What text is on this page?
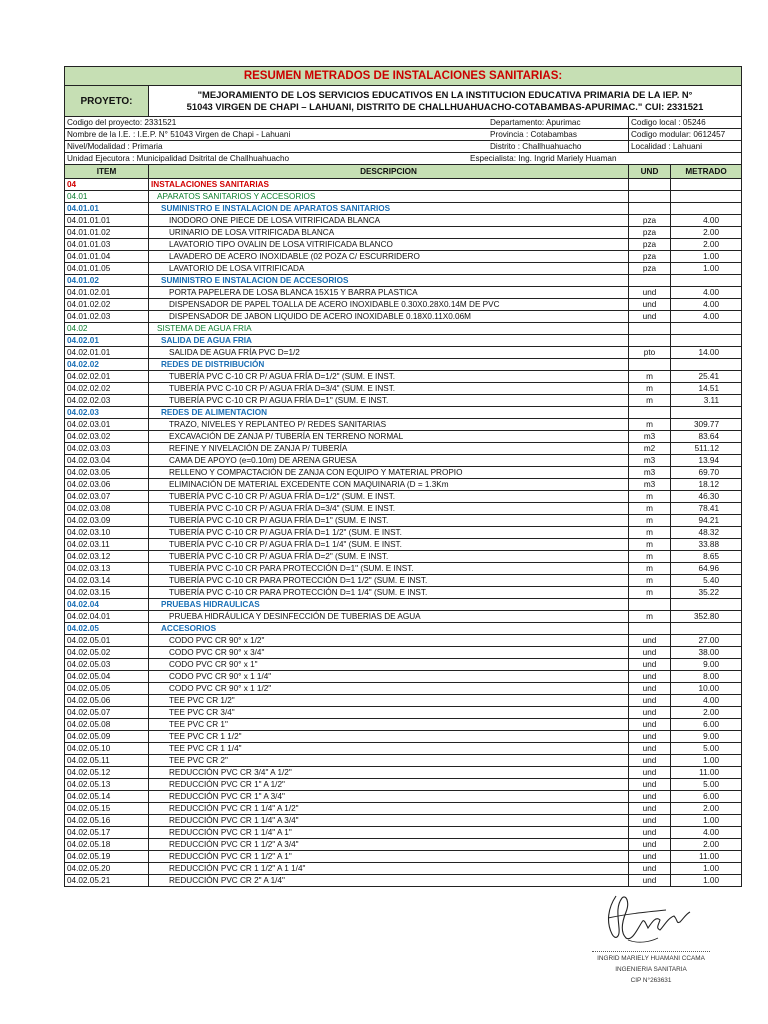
RESUMEN METRADOS DE INSTALACIONES SANITARIAS:			
PROYETO:	"MEJORAMIENTO DE LOS SERVICIOS EDUCATIVOS EN LA INSTITUCION EDUCATIVA PRIMARIA DE LA IEP. N°
51043 VIRGEN DE CHAPI – LAHUANI, DISTRITO DE CHALLHUAHUACHO-COTABAMBAS-APURIMAC." CUI: 2331521		

Codigo del proyecto: 2331521 Departamento: Apurimac		Codigo local : 05246	
Nombre de la I.E. : I.E.P. N° 51043 Virgen de Chapi - Lahuani Provincia : Cotabambas		Codigo modular: 0612457	
Nivel/Modalidad : Primaria Distrito : Challhuahuacho		Localidad : Lahuani	
Unidad Ejecutora : Municipalidad Dsitrital de Challhuahuacho Especialista: Ing. Ingrid Mariely Huaman			

ITEM	DESCRIPCION	UND	METRADO
04	INSTALACIONES SANITARIAS		
04.01	APARATOS SANITARIOS Y ACCESORIOS		
04.01.01	SUMINISTRO E INSTALACION DE APARATOS SANITARIOS		
04.01.01.01	INODORO ONE PIECE DE LOSA VITRIFICADA BLANCA	pza	4.00
04.01.01.02	URINARIO DE LOSA VITRIFICADA BLANCA	pza	2.00
04.01.01.03	LAVATORIO TIPO OVALIN DE LOSA VITRIFICADA BLANCO	pza	2.00
04.01.01.04	LAVADERO DE ACERO INOXIDABLE (02 POZA C/ ESCURRIDERO	pza	1.00
04.01.01.05	LAVATORIO DE LOSA VITRIFICADA	pza	1.00
04.01.02	SUMINISTRO E INSTALACION DE ACCESORIOS		
04.01.02.01	PORTA PAPELERA DE LOSA BLANCA 15X15 Y BARRA PLASTICA	und	4.00
04.01.02.02	DISPENSADOR DE PAPEL TOALLA DE ACERO INOXIDABLE 0.30X0.28X0.14M DE PVC	und	4.00
04.01.02.03	DISPENSADOR DE JABON LIQUIDO DE ACERO INOXIDABLE 0.18X0.11X0.06M	und	4.00
04.02	SISTEMA DE AGUA FRIA		
04.02.01	SALIDA DE AGUA FRIA		
04.02.01.01	SALIDA DE AGUA FRÍA PVC D=1/2	pto	14.00
04.02.02	REDES DE DISTRIBUCIÓN		
04.02.02.01	TUBERÍA PVC C-10 CR P/ AGUA FRÍA D=1/2" (SUM. E INST.	m	25.41
04.02.02.02	TUBERÍA PVC C-10 CR P/ AGUA FRÍA D=3/4" (SUM. E INST.	m	14.51
04.02.02.03	TUBERÍA PVC C-10 CR P/ AGUA FRÍA D=1" (SUM. E INST.	m	3.11
04.02.03	REDES DE ALIMENTACION		
04.02.03.01	TRAZO, NIVELES Y REPLANTEO P/ REDES SANITARIAS	m	309.77
04.02.03.02	EXCAVACIÓN DE ZANJA P/ TUBERÍA EN TERRENO NORMAL	m3	83.64
04.02.03.03	REFINE Y NIVELACIÓN DE ZANJA P/ TUBERÍA	m2	511.12
04.02.03.04	CAMA DE APOYO (e=0.10m) DE ARENA GRUESA	m3	13.94
04.02.03.05	RELLENO Y COMPACTACIÓN DE ZANJA CON EQUIPO Y MATERIAL PROPIO	m3	69.70
04.02.03.06	ELIMINACIÓN DE MATERIAL EXCEDENTE CON MAQUINARIA (D = 1.3Km	m3	18.12
04.02.03.07	TUBERÍA PVC C-10 CR P/ AGUA FRÍA D=1/2" (SUM. E INST.	m	46.30
04.02.03.08	TUBERÍA PVC C-10 CR P/ AGUA FRÍA D=3/4" (SUM. E INST.	m	78.41
04.02.03.09	TUBERÍA PVC C-10 CR P/ AGUA FRÍA D=1" (SUM. E INST.	m	94.21
04.02.03.10	TUBERÍA PVC C-10 CR P/ AGUA FRÍA D=1 1/2" (SUM. E INST.	m	48.32
04.02.03.11	TUBERÍA PVC C-10 CR P/ AGUA FRÍA D=1 1/4" (SUM. E INST.	m	33.88
04.02.03.12	TUBERÍA PVC C-10 CR P/ AGUA FRÍA D=2" (SUM. E INST.	m	8.65
04.02.03.13	TUBERÍA PVC C-10 CR PARA PROTECCIÓN D=1" (SUM. E INST.	m	64.96
04.02.03.14	TUBERÍA PVC C-10 CR PARA PROTECCIÓN D=1 1/2" (SUM. E INST.	m	5.40
04.02.03.15	TUBERÍA PVC C-10 CR PARA PROTECCIÓN D=1 1/4" (SUM. E INST.	m	35.22
04.02.04	PRUEBAS HIDRAULICAS		
04.02.04.01	PRUEBA HIDRÁULICA Y DESINFECCIÓN DE TUBERIAS DE AGUA	m	352.80
04.02.05	ACCESORIOS		
04.02.05.01	CODO PVC CR 90° x 1/2"	und	27.00
04.02.05.02	CODO PVC CR 90° x 3/4"	und	38.00
04.02.05.03	CODO PVC CR 90° x 1"	und	9.00
04.02.05.04	CODO PVC CR 90° x 1 1/4"	und	8.00
04.02.05.05	CODO PVC CR 90° x 1 1/2"	und	10.00
04.02.05.06	TEE PVC CR 1/2"	und	4.00
04.02.05.07	TEE PVC CR 3/4"	und	2.00
04.02.05.08	TEE PVC CR 1"	und	6.00
04.02.05.09	TEE PVC CR 1 1/2"	und	9.00
04.02.05.10	TEE PVC CR 1 1/4"	und	5.00
04.02.05.11	TEE PVC CR 2"	und	1.00
04.02.05.12	REDUCCIÓN PVC CR 3/4" A 1/2"	und	11.00
04.02.05.13	REDUCCIÓN PVC CR 1" A 1/2"	und	5.00
04.02.05.14	REDUCCIÓN PVC CR 1" A 3/4"	und	6.00
04.02.05.15	REDUCCIÓN PVC CR 1 1/4" A 1/2"	und	2.00
04.02.05.16	REDUCCIÓN PVC CR 1 1/4" A 3/4"	und	1.00
04.02.05.17	REDUCCIÓN PVC CR 1 1/4" A 1"	und	4.00
04.02.05.18	REDUCCIÓN PVC CR 1 1/2" A 3/4"	und	2.00
04.02.05.19	REDUCCIÓN PVC CR 1 1/2" A 1"	und	11.00
04.02.05.20	REDUCCIÓN PVC CR 1 1/2" A 1 1/4"	und	1.00
04.02.05.21	REDUCCIÓN PVC CR 2" A 1/4"	und	1.00
INGRID MARIELY HUAMANI CCAMA
INGENIERIA SANITARIA
CIP N°263631
